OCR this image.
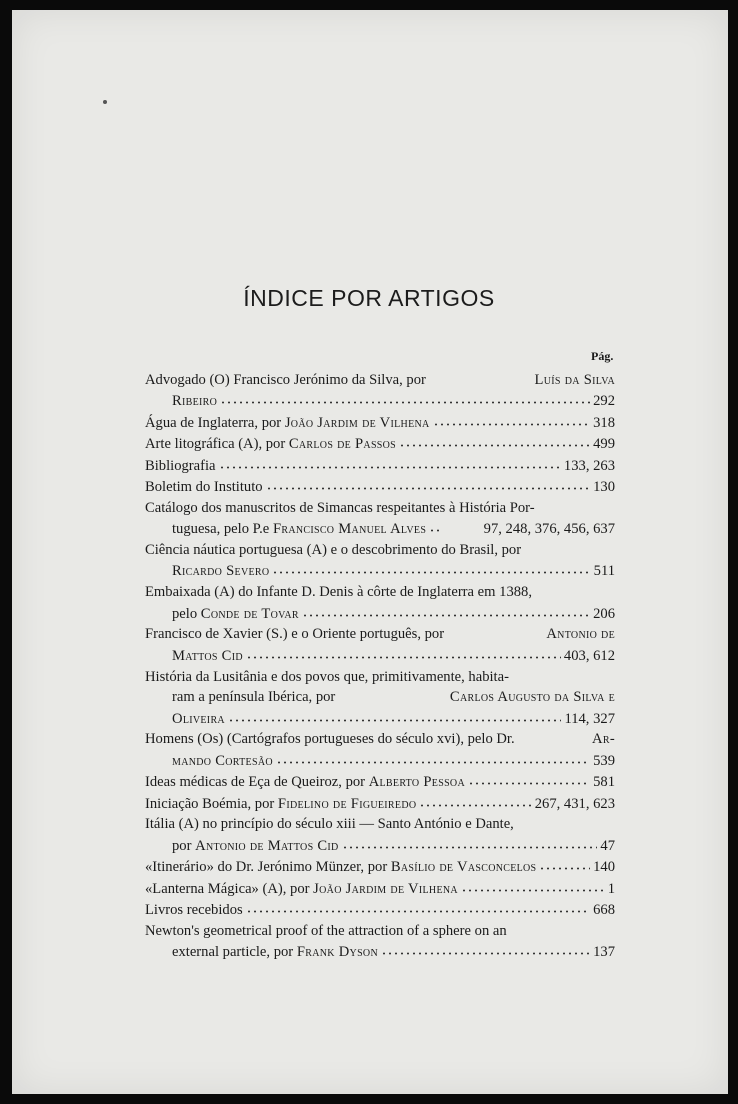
ÍNDICE POR ARTIGOS
Pág.
Advogado (O) Francisco Jerónimo da Silva, por	Luís da Silva
Ribeiro	292
Água de Inglaterra, por
João Jardim de Vilhena	318
Arte litográfica (A), por
Carlos de Passos	499
Bibliografia	133, 263
Boletim do Instituto	130
Catálogo dos manuscritos de Simancas respeitantes à História Por-
tuguesa, pelo P.e
Francisco Manuel Alves	97, 248, 376, 456, 637
Ciência náutica portuguesa (A) e o descobrimento do Brasil, por
Ricardo Severo	511
Embaixada (A) do Infante D. Denis à côrte de Inglaterra em 1388,
pelo
Conde de Tovar	206
Francisco de Xavier (S.) e o Oriente português, por	Antonio de
Mattos Cid	403, 612
História da Lusitânia e dos povos que, primitivamente, habita-
ram a península Ibérica, por	Carlos Augusto da Silva e
Oliveira	114, 327
Homens (Os) (Cartógrafos portugueses do século xvi), pelo Dr.	Ar-
mando Cortesão	539
Ideas médicas de Eça de Queiroz, por
Alberto Pessoa	581
Iniciação Boémia, por
Fidelino de Figueiredo	267, 431, 623
Itália (A) no princípio do século xiii — Santo António e Dante,
por
Antonio de Mattos Cid	47
«Itinerário» do Dr. Jerónimo Münzer, por
Basílio de Vasconcelos	140
«Lanterna Mágica» (A), por
João Jardim de Vilhena	1
Livros recebidos	668
Newton's geometrical proof of the attraction of a sphere on an
external particle, por
Frank Dyson	137
